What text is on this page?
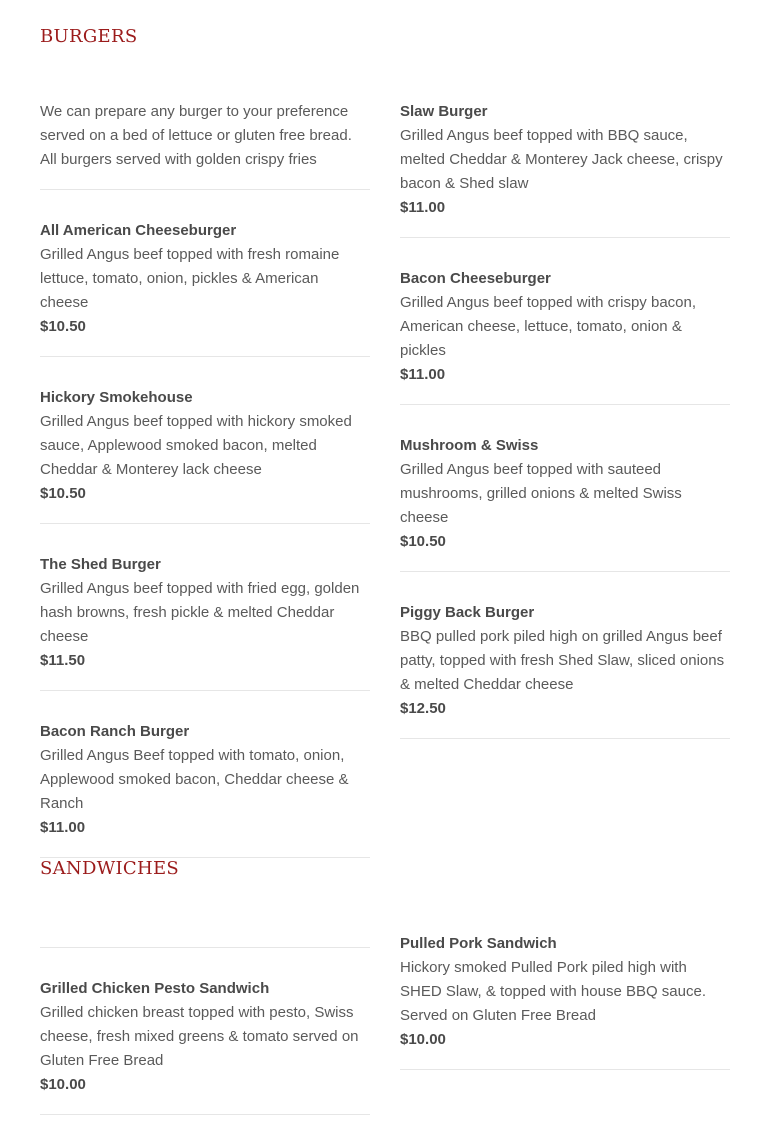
BURGERS
We can prepare any burger to your preference served on a bed of lettuce or gluten free bread. All burgers served with golden crispy fries
All American Cheeseburger
Grilled Angus beef topped with fresh romaine lettuce, tomato, onion, pickles & American cheese
$10.50
Hickory Smokehouse
Grilled Angus beef topped with hickory smoked sauce, Applewood smoked bacon, melted Cheddar & Monterey lack cheese
$10.50
The Shed Burger
Grilled Angus beef topped with fried egg, golden hash browns, fresh pickle & melted Cheddar cheese
$11.50
Bacon Ranch Burger
Grilled Angus Beef topped with tomato, onion, Applewood smoked bacon, Cheddar cheese & Ranch
$11.00
Slaw Burger
Grilled Angus beef topped with BBQ sauce, melted Cheddar & Monterey Jack cheese, crispy bacon & Shed slaw
$11.00
Bacon Cheeseburger
Grilled Angus beef topped with crispy bacon, American cheese, lettuce, tomato, onion & pickles
$11.00
Mushroom & Swiss
Grilled Angus beef topped with sauteed mushrooms, grilled onions & melted Swiss cheese
$10.50
Piggy Back Burger
BBQ pulled pork piled high on grilled Angus beef patty, topped with fresh Shed Slaw, sliced onions & melted Cheddar cheese
$12.50
SANDWICHES
Grilled Chicken Pesto Sandwich
Grilled chicken breast topped with pesto, Swiss cheese, fresh mixed greens & tomato served on Gluten Free Bread
$10.00
Pulled Pork Sandwich
Hickory smoked Pulled Pork piled high with SHED Slaw, & topped with house BBQ sauce. Served on Gluten Free Bread
$10.00
